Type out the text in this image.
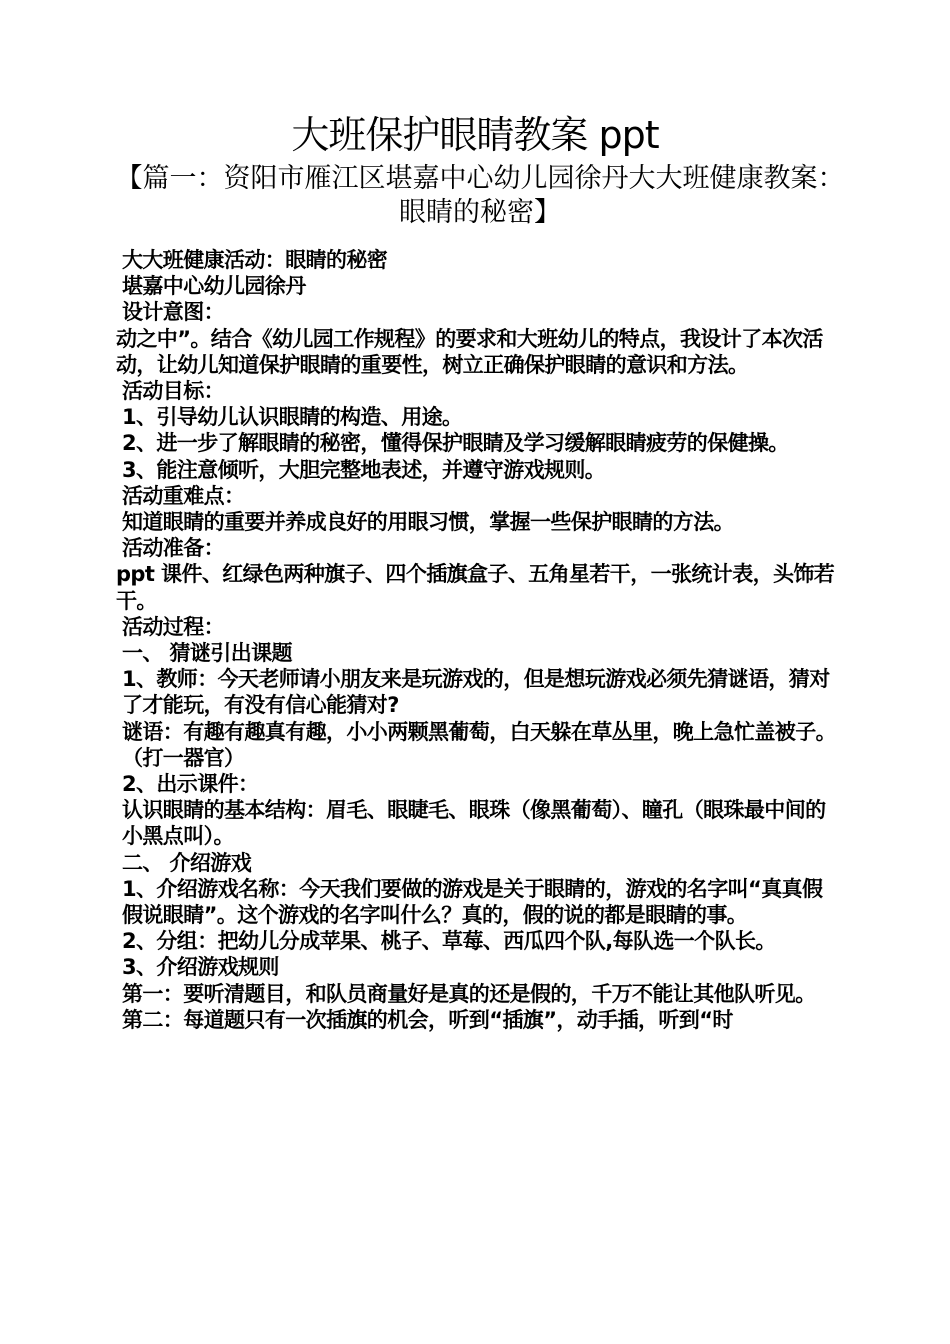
大班保护眼睛教案 ppt
【篇一：资阳市雁江区堪嘉中心幼儿园徐丹大大班健康教案：眼睛的秘密】

大大班健康活动：眼睛的秘密

堪嘉中心幼儿园徐丹

设计意图：

动之中”。结合《幼儿园工作规程》的要求和大班幼儿的特点，我设计了本次活动，让幼儿知道保护眼睛的重要性，树立正确保护眼睛的意识和方法。

活动目标：

1、引导幼儿认识眼睛的构造、用途。

2、进一步了解眼睛的秘密，懂得保护眼睛及学习缓解眼睛疲劳的保健操。

3、能注意倾听，大胆完整地表述，并遵守游戏规则。

活动重难点：

知道眼睛的重要并养成良好的用眼习惯，掌握一些保护眼睛的方法。

活动准备：

ppt 课件、红绿色两种旗子、四个插旗盒子、五角星若干，一张统计表，头饰若干。

活动过程：

一、 猜谜引出课题

1、教师：今天老师请小朋友来是玩游戏的，但是想玩游戏必须先猜谜语，猜对了才能玩，有没有信心能猜对?

谜语：有趣有趣真有趣，小小两颗黑葡萄，白天躲在草丛里，晚上急忙盖被子。（打一器官）

2、出示课件：

认识眼睛的基本结构：眉毛、眼睫毛、眼珠（像黑葡萄）、瞳孔（眼珠最中间的小黑点叫）。

二、 介绍游戏

1、介绍游戏名称：今天我们要做的游戏是关于眼睛的，游戏的名字叫“真真假假说眼睛”。这个游戏的名字叫什么？真的，假的说的都是眼睛的事。

2、分组：把幼儿分成苹果、桃子、草莓、西瓜四个队,每队选一个队长。

3、介绍游戏规则

第一：要听清题目，和队员商量好是真的还是假的，千万不能让其他队听见。

第二：每道题只有一次插旗的机会，听到“插旗”，动手插，听到“时
